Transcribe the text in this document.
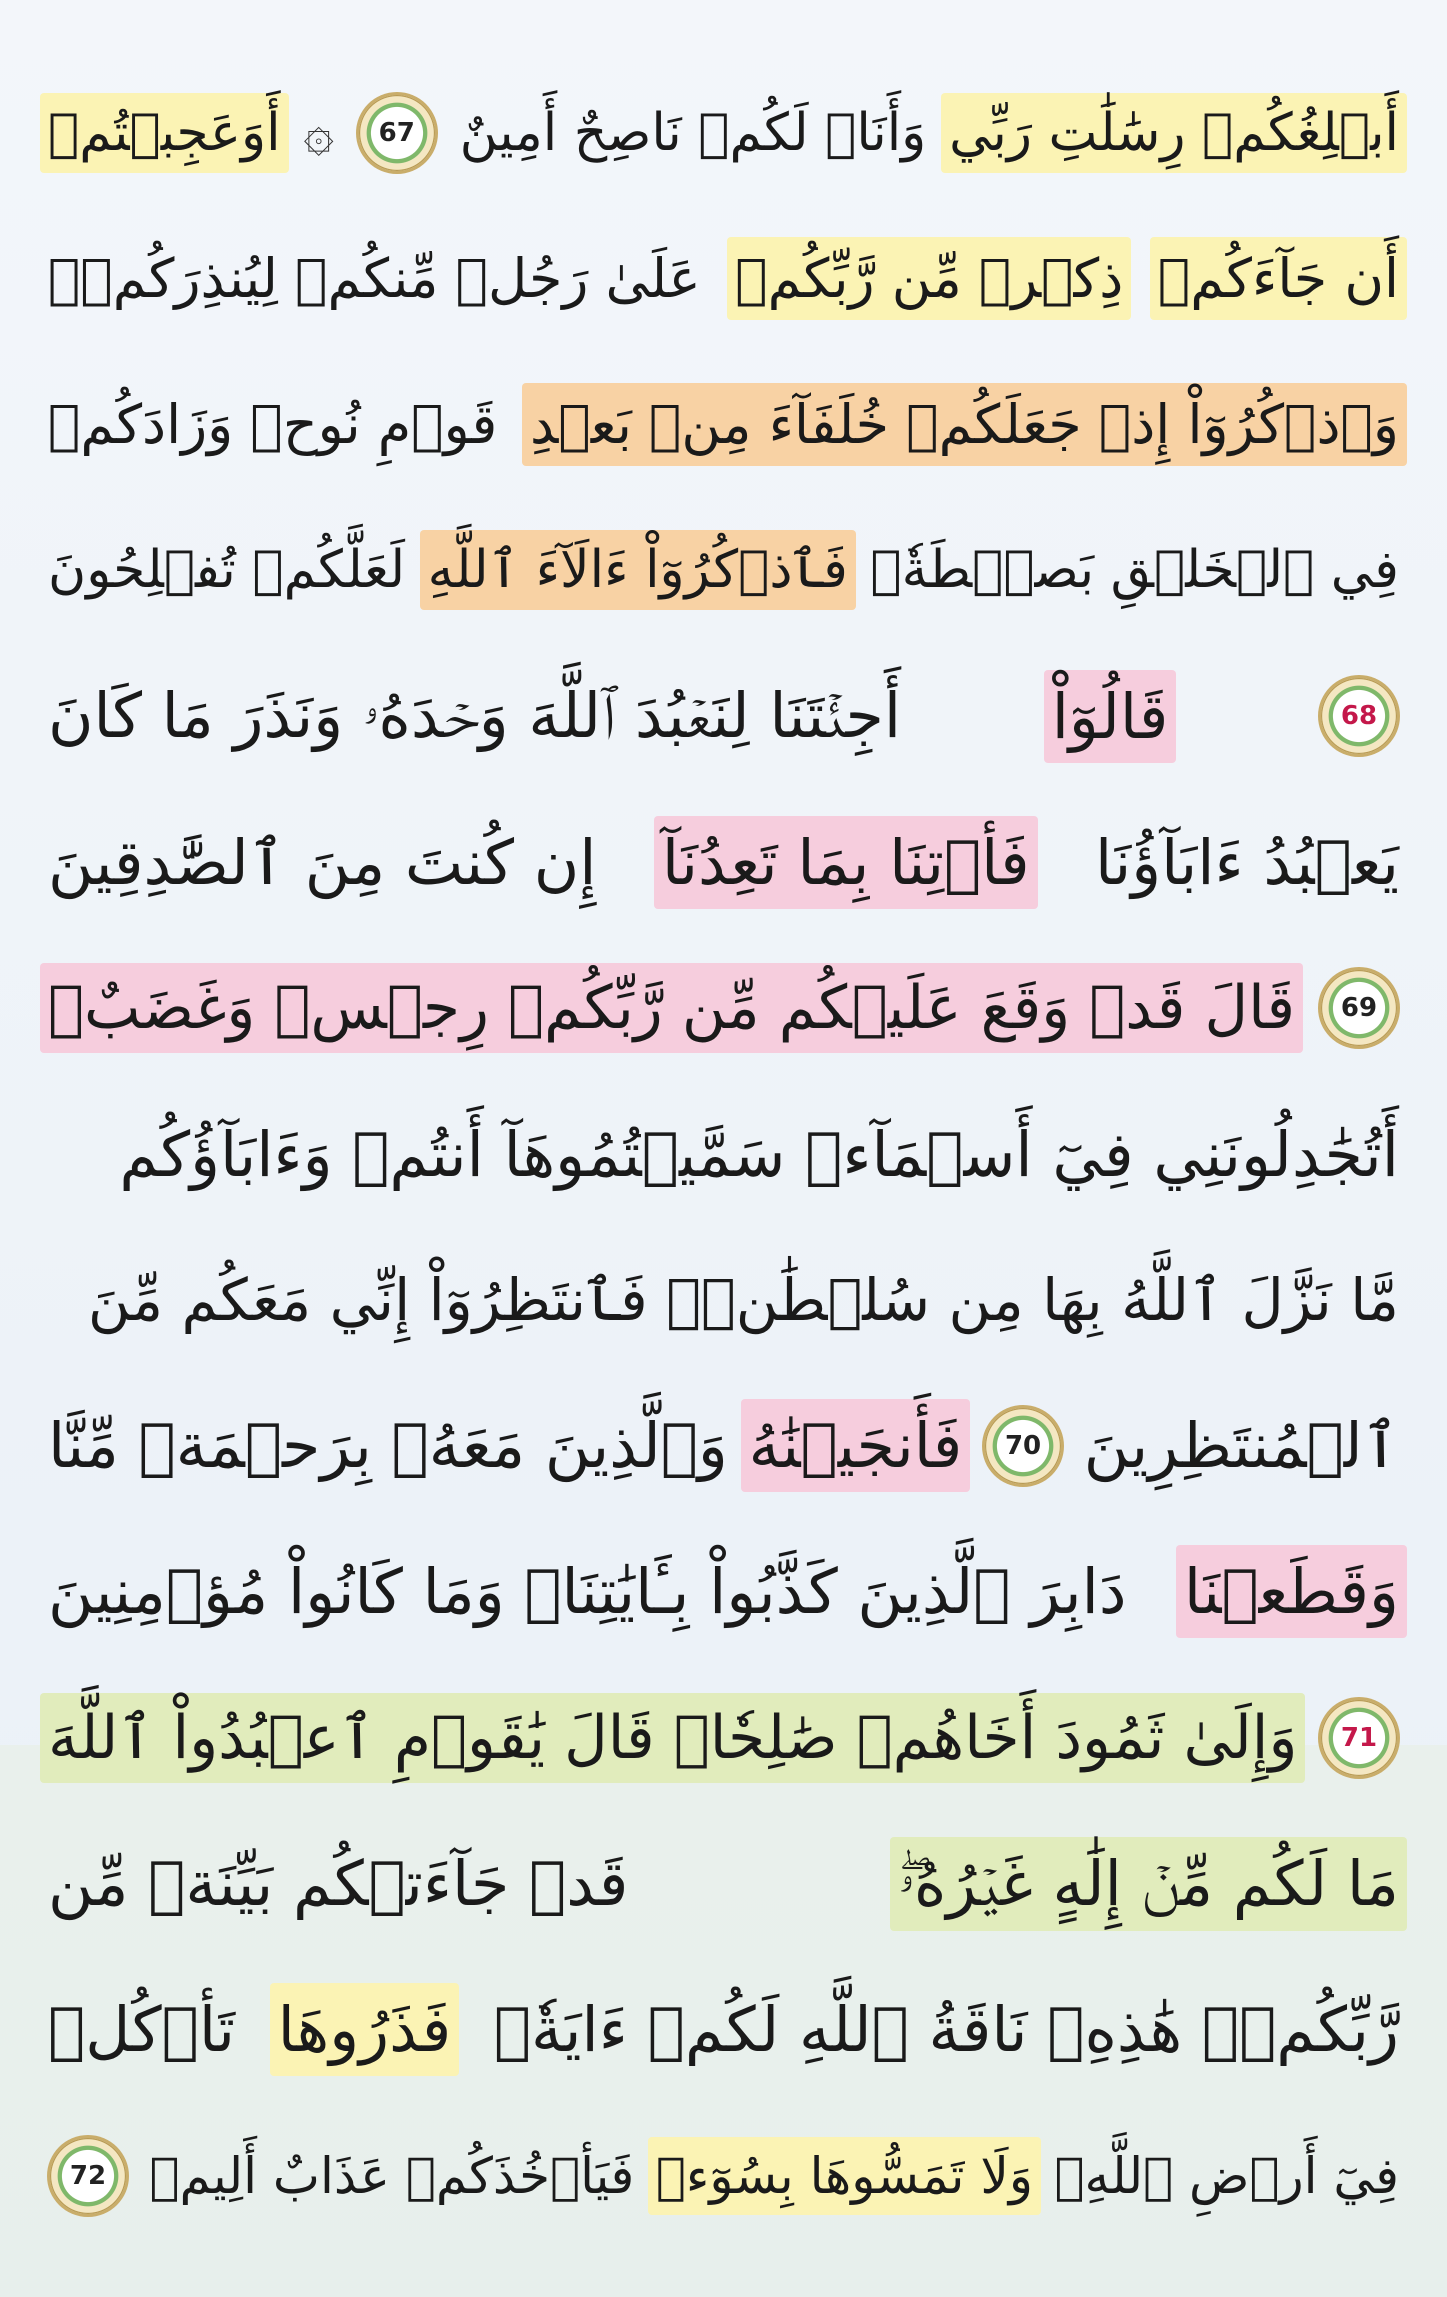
أَبۡلِغُكُمۡ رِسَٰلَٰتِ رَبِّي
وَأَنَا۠ لَكُمۡ نَاصِحٌ أَمِينٌ
67
۞
أَوَعَجِبۡتُمۡ
أَن جَآءَكُمۡ
ذِكۡرٞ مِّن رَّبِّكُمۡ
عَلَىٰ رَجُلٖ مِّنكُمۡ لِيُنذِرَكُمۡۚ
وَٱذۡكُرُوٓاْ إِذۡ جَعَلَكُمۡ خُلَفَآءَ مِنۢ بَعۡدِ
قَوۡمِ نُوحٖ وَزَادَكُمۡ
فِي ٱلۡخَلۡقِ بَصۜۡطَةٗۖ
فَٱذۡكُرُوٓاْ ءَالَآءَ ٱللَّهِ
لَعَلَّكُمۡ تُفۡلِحُونَ
68
قَالُوٓاْ
أَجِئۡتَنَا لِنَعۡبُدَ ٱللَّهَ وَحۡدَهُۥ وَنَذَرَ مَا كَانَ
يَعۡبُدُ ءَابَآؤُنَا
فَأۡتِنَا بِمَا تَعِدُنَآ
إِن كُنتَ مِنَ ٱلصَّٰدِقِينَ
69
قَالَ قَدۡ وَقَعَ عَلَيۡكُم مِّن رَّبِّكُمۡ رِجۡسٞ وَغَضَبٌۖ
أَتُجَٰدِلُونَنِي فِيٓ أَسۡمَآءٖ سَمَّيۡتُمُوهَآ أَنتُمۡ وَءَابَآؤُكُم
مَّا نَزَّلَ ٱللَّهُ بِهَا مِن سُلۡطَٰنٖۚ فَٱنتَظِرُوٓاْ إِنِّي مَعَكُم مِّنَ
ٱلۡمُنتَظِرِينَ
70
فَأَنجَيۡنَٰهُ
وَٱلَّذِينَ مَعَهُۥ بِرَحۡمَةٖ مِّنَّا
وَقَطَعۡنَا
دَابِرَ ٱلَّذِينَ كَذَّبُواْ بِـَٔايَٰتِنَاۖ وَمَا كَانُواْ مُؤۡمِنِينَ
71
وَإِلَىٰ ثَمُودَ أَخَاهُمۡ صَٰلِحٗاۚ قَالَ يَٰقَوۡمِ ٱعۡبُدُواْ ٱللَّهَ
مَا لَكُم مِّنۡ إِلَٰهٍ غَيۡرُهُۥۖ
قَدۡ جَآءَتۡكُم بَيِّنَةٞ مِّن
رَّبِّكُمۡۖ هَٰذِهِۦ نَاقَةُ ٱللَّهِ لَكُمۡ ءَايَةٗۖ
فَذَرُوهَا
تَأۡكُلۡ
فِيٓ أَرۡضِ ٱللَّهِۖ
وَلَا تَمَسُّوهَا بِسُوٓءٖ
فَيَأۡخُذَكُمۡ عَذَابٌ أَلِيمٞ
72
